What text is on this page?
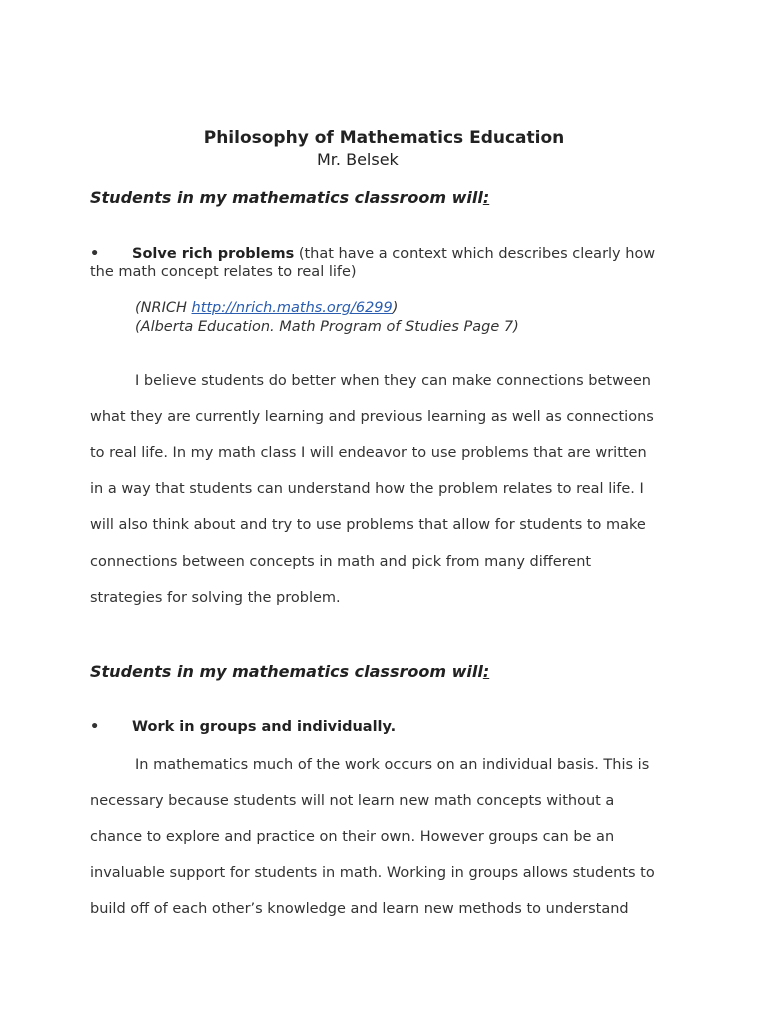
Philosophy of Mathematics Education
Mr. Belsek
Students in my mathematics classroom will:
• Solve rich problems (that have a context which describes clearly how
the math concept relates to real life)
(NRICH http://nrich.maths.org/6299)
(Alberta Education. Math Program of Studies Page 7)
I believe students do better when they can make connections between
what they are currently learning and previous learning as well as connections
to real life. In my math class I will endeavor to use problems that are written
in a way that students can understand how the problem relates to real life. I
will also think about and try to use problems that allow for students to make
connections between concepts in math and pick from many different
strategies for solving the problem.
Students in my mathematics classroom will:
• Work in groups and individually.
In mathematics much of the work occurs on an individual basis. This is
necessary because students will not learn new math concepts without a
chance to explore and practice on their own. However groups can be an
invaluable support for students in math. Working in groups allows students to
build off of each other’s knowledge and learn new methods to understand
